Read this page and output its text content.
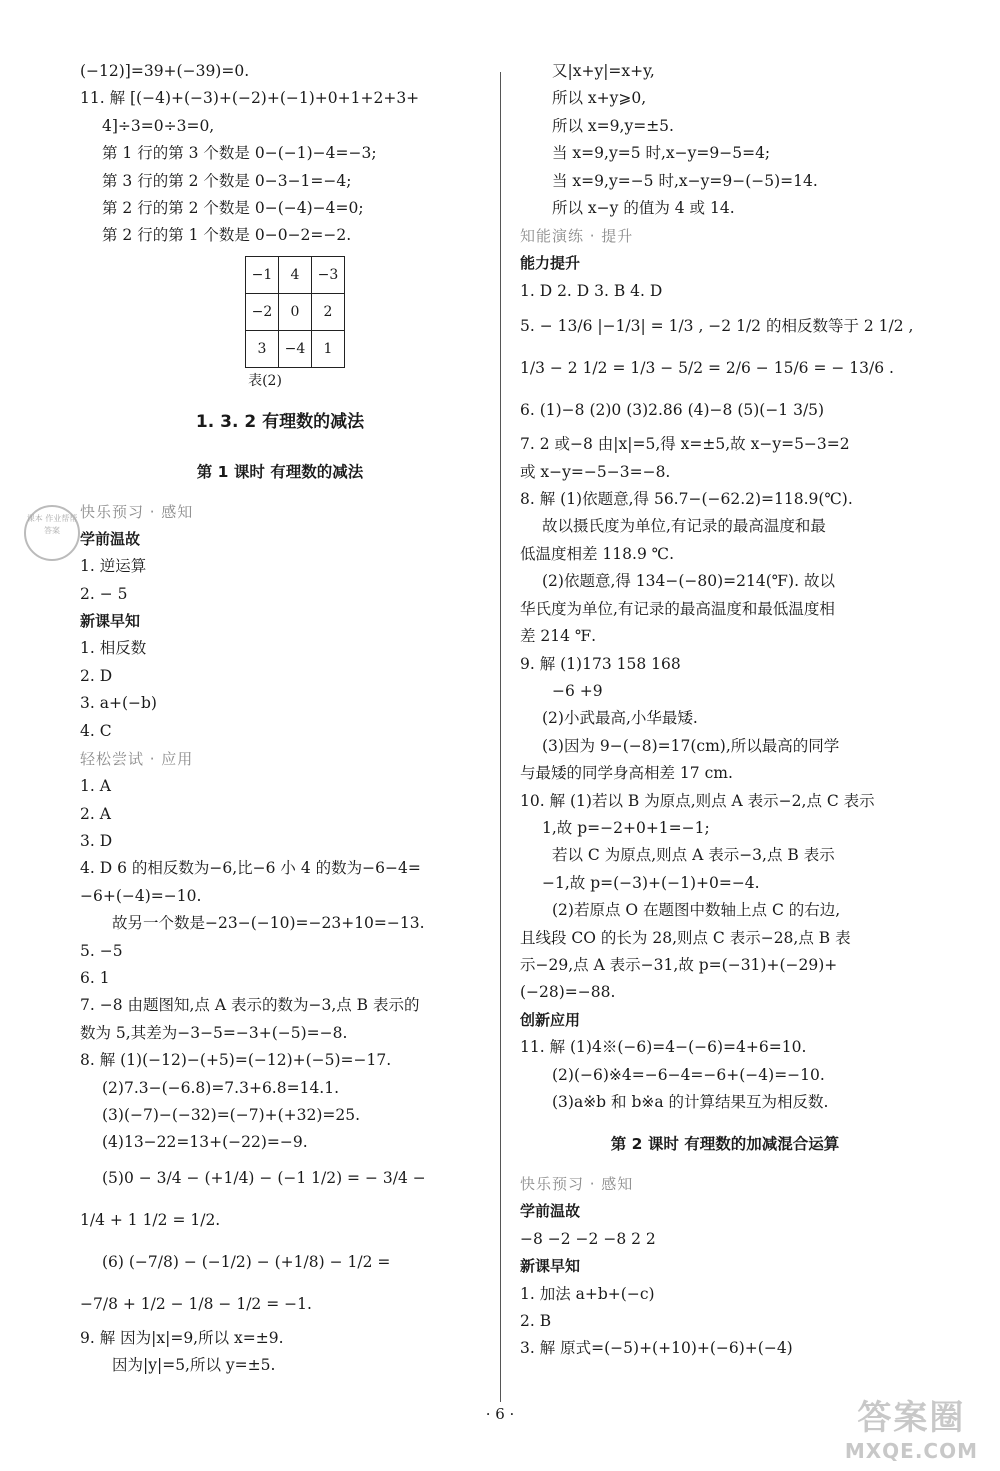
课本 作业帮帮 答案

(−12)]=39+(−39)=0.

11. 解 [(−4)+(−3)+(−2)+(−1)+0+1+2+3+

4]÷3=0÷3=0,

第 1 行的第 3 个数是 0−(−1)−4=−3;

第 3 行的第 2 个数是 0−3−1=−4;

第 2 行的第 2 个数是 0−(−4)−4=0;

第 2 行的第 1 个数是 0−0−2=−2.

−1	4	−3
−2	0	2
3	−4	1
表(2)
1. 3. 2 有理数的减法
第 1 课时 有理数的减法
快乐预习 · 感知
学前温故

1. 逆运算

2. − 5

新课早知

1. 相反数

2. D

3. a+(−b)

4. C

轻松尝试 · 应用

1. A

2. A

3. D

4. D 6 的相反数为−6,比−6 小 4 的数为−6−4=

−6+(−4)=−10.

故另一个数是−23−(−10)=−23+10=−13.

5. −5

6. 1

7. −8 由题图知,点 A 表示的数为−3,点 B 表示的

数为 5,其差为−3−5=−3+(−5)=−8.

8. 解 (1)(−12)−(+5)=(−12)+(−5)=−17.

(2)7.3−(−6.8)=7.3+6.8=14.1.

(3)(−7)−(−32)=(−7)+(+32)=25.

(4)13−22=13+(−22)=−9.

(5)0 − 3/4 − (+1/4) − (−1 1/2) = − 3/4 −

1/4 + 1 1/2 = 1/2.

(6) (−7/8) − (−1/2) − (+1/8) − 1/2 =

−7/8 + 1/2 − 1/8 − 1/2 = −1.

9. 解 因为|x|=9,所以 x=±9.

因为|y|=5,所以 y=±5.

又|x+y|=x+y,

所以 x+y⩾0,

所以 x=9,y=±5.

当 x=9,y=5 时,x−y=9−5=4;

当 x=9,y=−5 时,x−y=9−(−5)=14.

所以 x−y 的值为 4 或 14.

知能演练 · 提升
能力提升

1. D 2. D 3. B 4. D

5. − 13/6 |−1/3| = 1/3 , −2 1/2 的相反数等于 2 1/2 ,

1/3 − 2 1/2 = 1/3 − 5/2 = 2/6 − 15/6 = − 13/6 .

6. (1)−8 (2)0 (3)2.86 (4)−8 (5)(−1 3/5)

7. 2 或−8 由|x|=5,得 x=±5,故 x−y=5−3=2

或 x−y=−5−3=−8.

8. 解 (1)依题意,得 56.7−(−62.2)=118.9(℃).

故以摄氏度为单位,有记录的最高温度和最

低温度相差 118.9 ℃.

(2)依题意,得 134−(−80)=214(℉). 故以

华氏度为单位,有记录的最高温度和最低温度相

差 214 ℉.

9. 解 (1)173 158 168

−6 +9

(2)小武最高,小华最矮.

(3)因为 9−(−8)=17(cm),所以最高的同学

与最矮的同学身高相差 17 cm.

10. 解 (1)若以 B 为原点,则点 A 表示−2,点 C 表示

1,故 p=−2+0+1=−1;

若以 C 为原点,则点 A 表示−3,点 B 表示

−1,故 p=(−3)+(−1)+0=−4.

(2)若原点 O 在题图中数轴上点 C 的右边,

且线段 CO 的长为 28,则点 C 表示−28,点 B 表

示−29,点 A 表示−31,故 p=(−31)+(−29)+

(−28)=−88.

创新应用

11. 解 (1)4※(−6)=4−(−6)=4+6=10.

(2)(−6)※4=−6−4=−6+(−4)=−10.

(3)a※b 和 b※a 的计算结果互为相反数.

第 2 课时 有理数的加减混合运算
快乐预习 · 感知
学前温故

−8 −2 −2 −8 2 2

新课早知

1. 加法 a+b+(−c)

2. B

3. 解 原式=(−5)+(+10)+(−6)+(−4)

· 6 ·	答案圈
MXQE.COM
